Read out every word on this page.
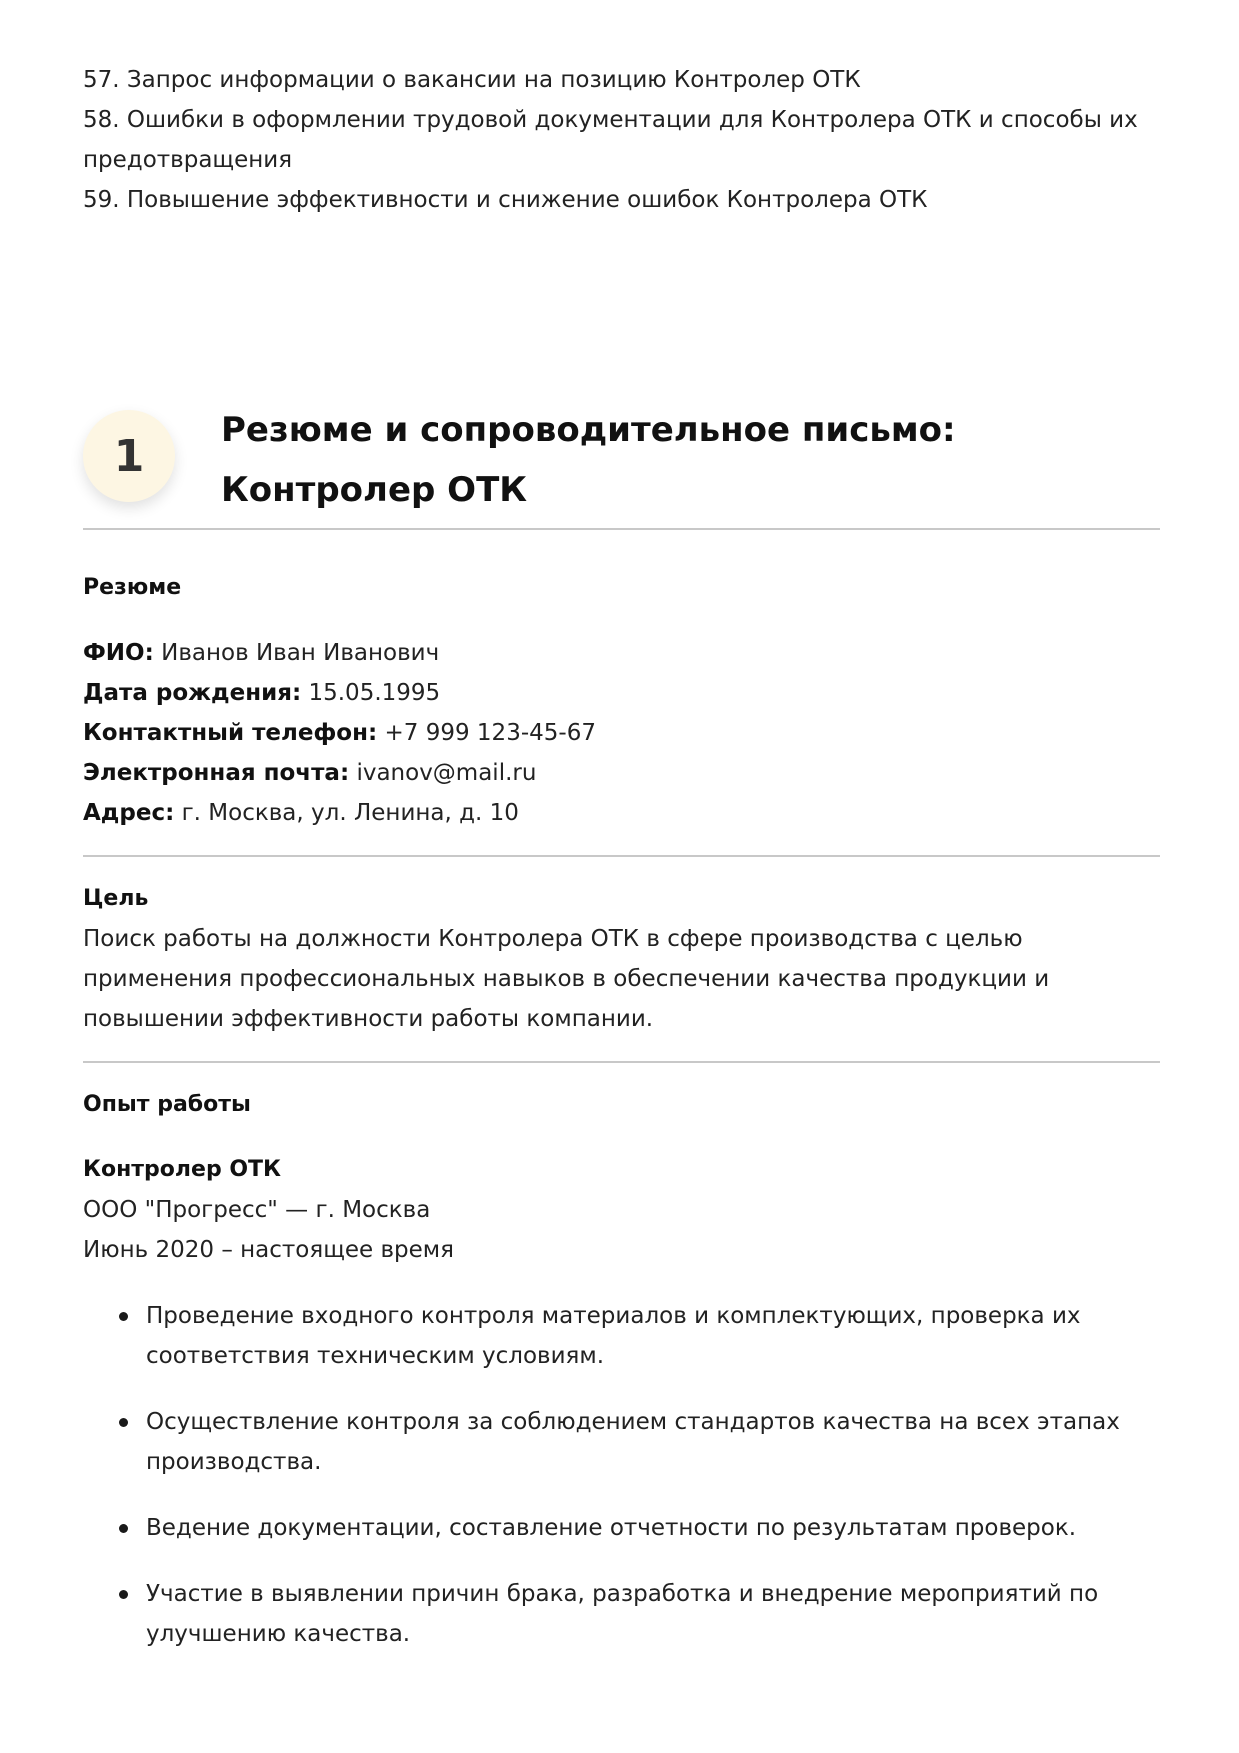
57. Запрос информации о вакансии на позицию Контролер ОТК
58. Ошибки в оформлении трудовой документации для Контролера ОТК и способы их предотвращения
59. Повышение эффективности и снижение ошибок Контролера ОТК
1
Резюме и сопроводительное письмо: Контролер ОТК

Резюме

ФИО: Иванов Иван Иванович

Дата рождения: 15.05.1995

Контактный телефон: +7 999 123-45-67

Электронная почта: ivanov@mail.ru

Адрес: г. Москва, ул. Ленина, д. 10

Цель

Поиск работы на должности Контролера ОТК в сфере производства с целью применения профессиональных навыков в обеспечении качества продукции и повышении эффективности работы компании.

Опыт работы

Контролер ОТК

ООО "Прогресс" — г. Москва

Июнь 2020 – настоящее время

Проведение входного контроля материалов и комплектующих, проверка их соответствия техническим условиям.
Осуществление контроля за соблюдением стандартов качества на всех этапах производства.
Ведение документации, составление отчетности по результатам проверок.
Участие в выявлении причин брака, разработка и внедрение мероприятий по улучшению качества.
